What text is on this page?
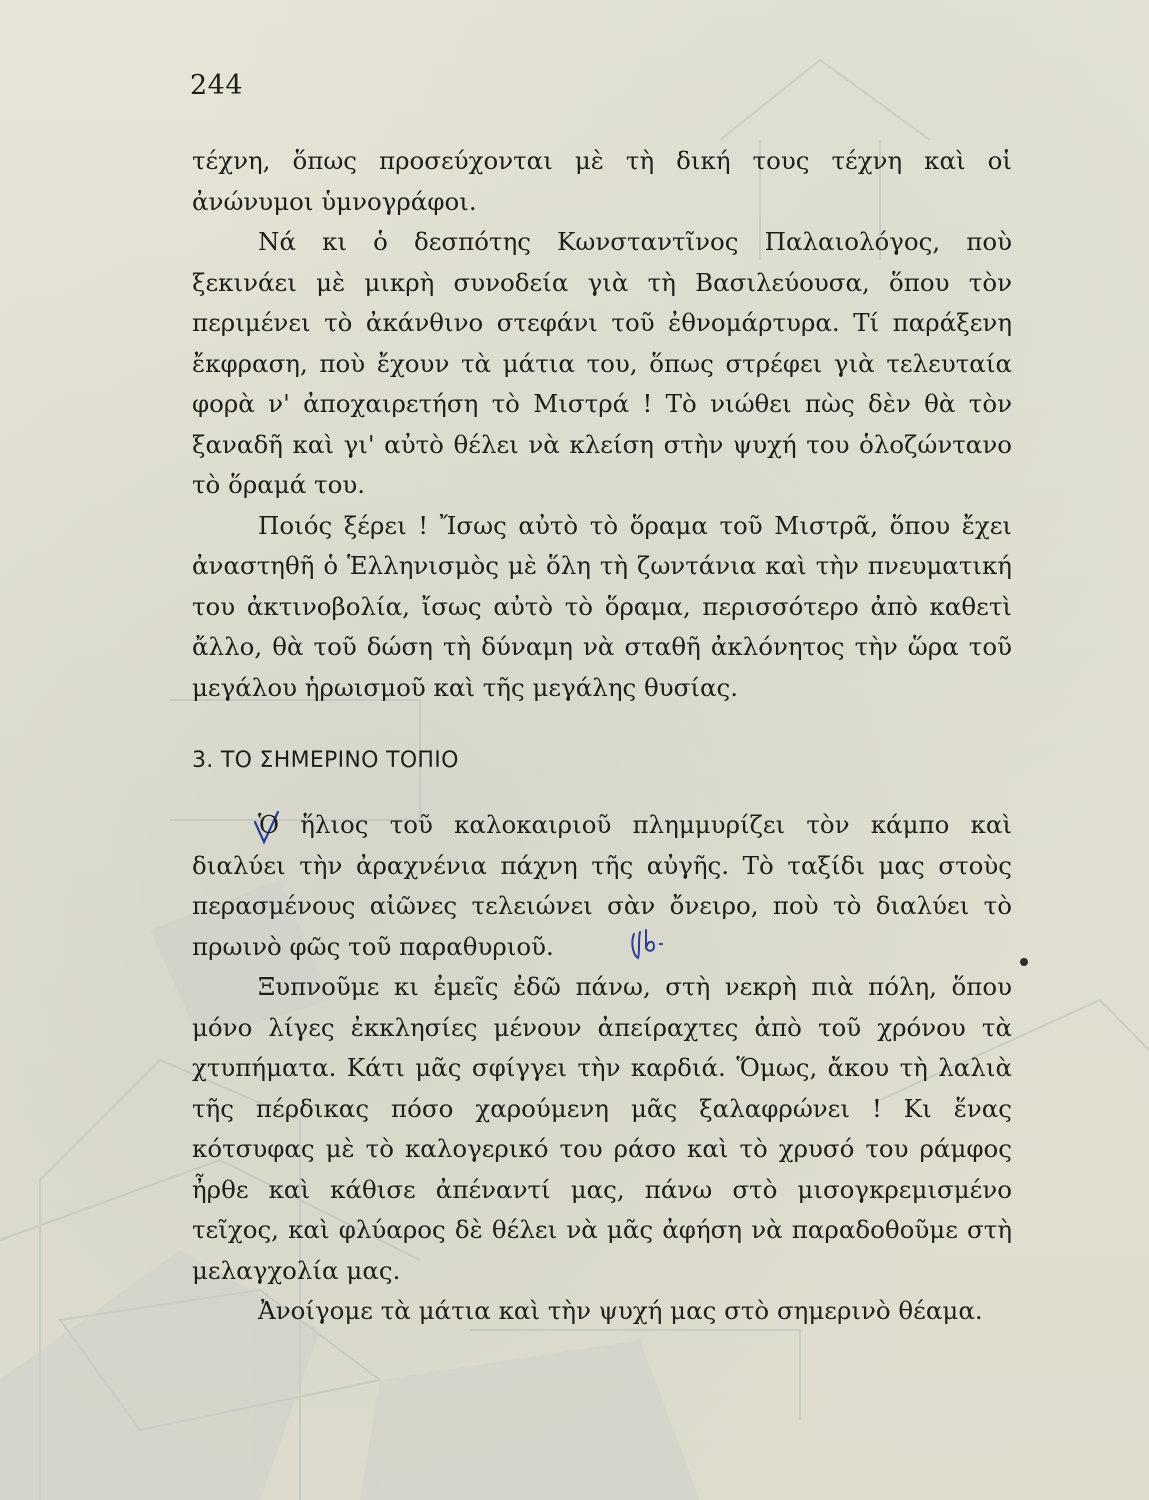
244

τέχνη, ὅπως προσεύχονται μὲ τὴ δική τους τέχνη καὶ οἱ ἀνώνυμοι ὑμνογράφοι.

Νά κι ὁ δεσπότης Κωνσταντῖνος Παλαιολόγος, ποὺ ξεκινάει μὲ μικρὴ συνοδεία γιὰ τὴ Βασιλεύουσα, ὅπου τὸν περιμένει τὸ ἀκάνθινο στεφάνι τοῦ ἐθνομάρτυρα. Τί παράξενη ἔκφραση, ποὺ ἔχουν τὰ μάτια του, ὅπως στρέφει γιὰ τελευταία φορὰ ν' ἀποχαιρετήση τὸ Μιστρά ! Τὸ νιώθει πὼς δὲν θὰ τὸν ξαναδῆ καὶ γι' αὐτὸ θέλει νὰ κλείση στὴν ψυχή του ὁλοζώντανο τὸ ὅραμά του.

Ποιός ξέρει ! Ἴσως αὐτὸ τὸ ὅραμα τοῦ Μιστρᾶ, ὅπου ἔχει ἀναστηθῆ ὁ Ἑλληνισμὸς μὲ ὅλη τὴ ζωντάνια καὶ τὴν πνευματική του ἀκτινοβολία, ἴσως αὐτὸ τὸ ὅραμα, περισσότερο ἀπὸ καθετὶ ἄλλο, θὰ τοῦ δώση τὴ δύναμη νὰ σταθῆ ἀκλόνητος τὴν ὥρα τοῦ μεγάλου ἡρωισμοῦ καὶ τῆς μεγάλης θυσίας.

3. ΤΟ ΣΗΜΕΡΙΝΟ ΤΟΠΙΟ

Ὁ ἥλιος τοῦ καλοκαιριοῦ πλημμυρίζει τὸν κάμπο καὶ διαλύει τὴν ἀραχνένια πάχνη τῆς αὐγῆς. Τὸ ταξίδι μας στοὺς περασμένους αἰῶνες τελειώνει σὰν ὄνειρο, ποὺ τὸ διαλύει τὸ πρωινὸ φῶς τοῦ παραθυριοῦ.

Ξυπνοῦμε κι ἐμεῖς ἐδῶ πάνω, στὴ νεκρὴ πιὰ πόλη, ὅπου μόνο λίγες ἐκκλησίες μένουν ἀπείραχτες ἀπὸ τοῦ χρόνου τὰ χτυπήματα. Κάτι μᾶς σφίγγει τὴν καρδιά. Ὅμως, ἄκου τὴ λαλιὰ τῆς πέρδικας πόσο χαρούμενη μᾶς ξαλαφρώνει ! Κι ἕνας κότσυφας μὲ τὸ καλογερικό του ράσο καὶ τὸ χρυσό του ράμφος ἦρθε καὶ κάθισε ἀπέναντί μας, πάνω στὸ μισογκρεμισμένο τεῖχος, καὶ φλύαρος δὲ θέλει νὰ μᾶς ἀφήση νὰ παραδοθοῦμε στὴ μελαγχολία μας.

Ἀνοίγομε τὰ μάτια καὶ τὴν ψυχή μας στὸ σημερινὸ θέαμα.
